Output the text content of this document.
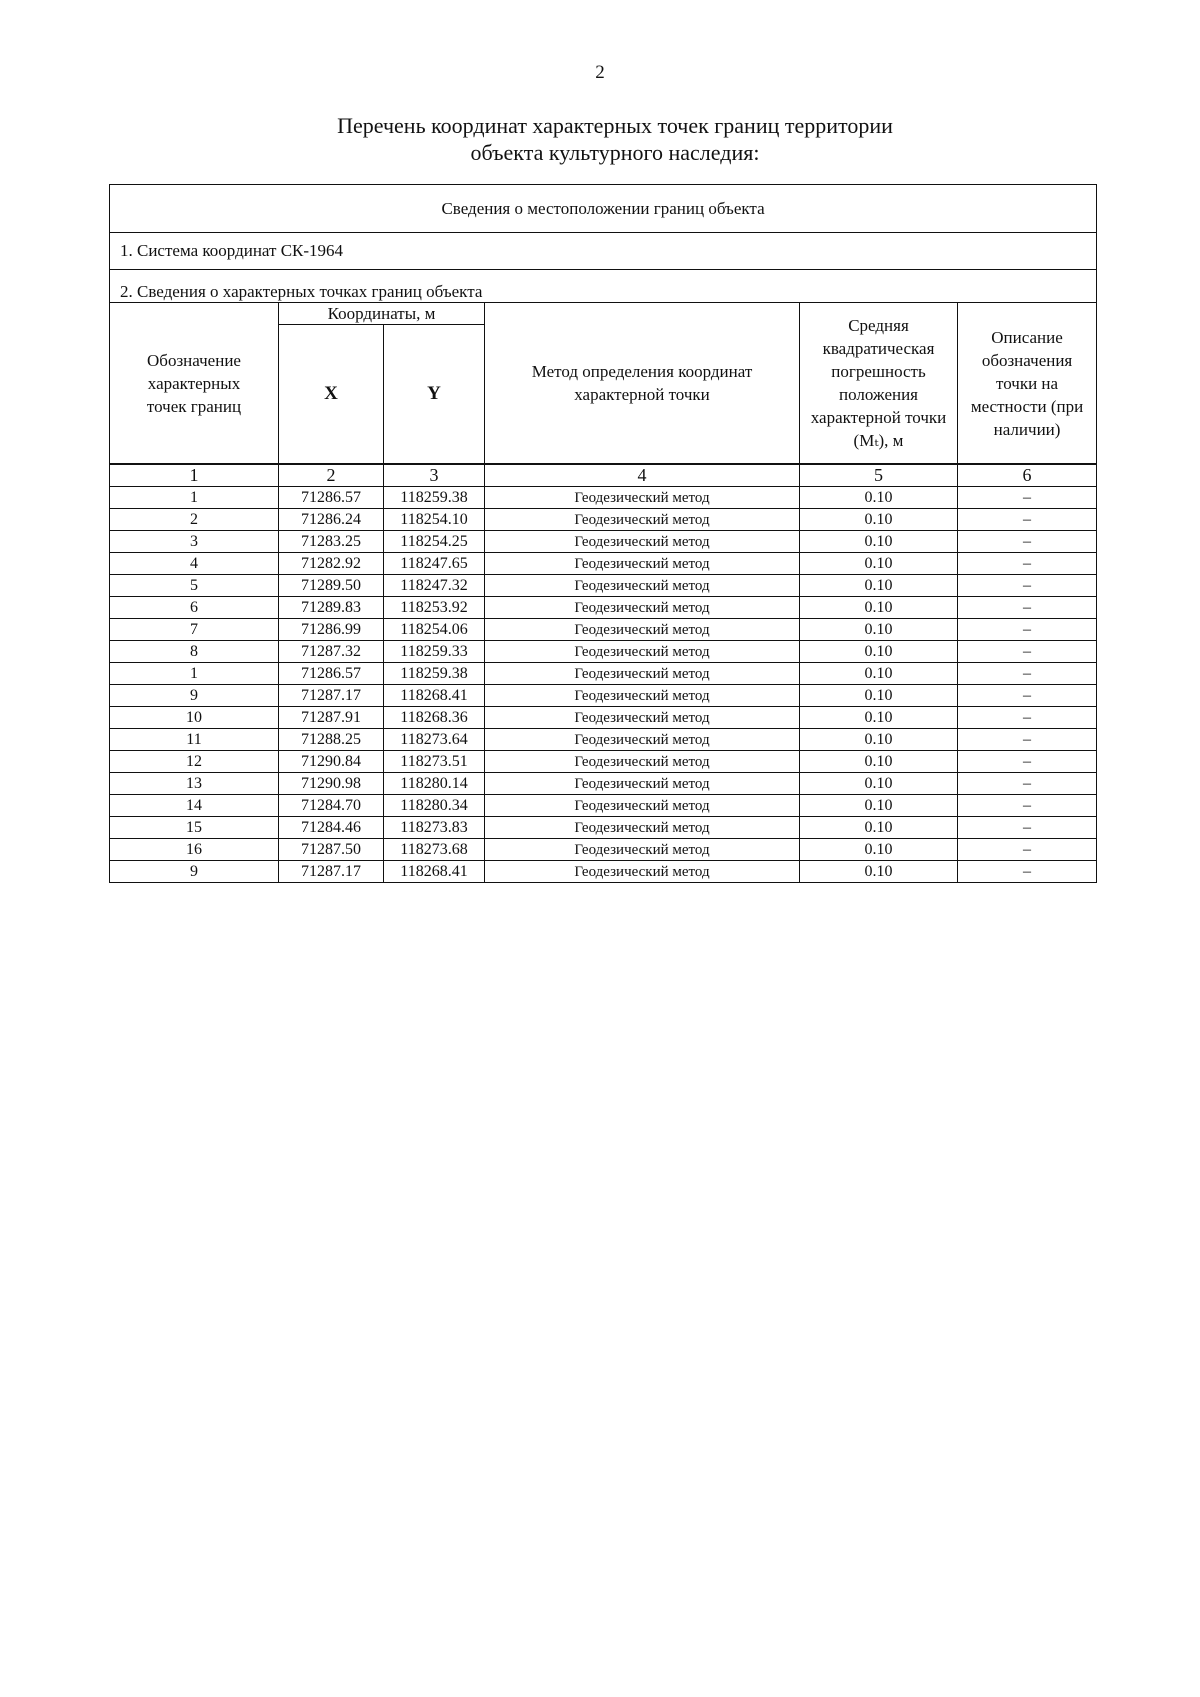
2
Перечень координат характерных точек границ территории
объекта культурного наследия:
Сведения о местоположении границ объекта					
1. Система координат СК-1964					
2. Сведения о характерных точках границ объекта					
Обозначение характерных точек границ	Координаты, м		Метод определения координат характерной точки	Средняя квадратическая погрешность положения характерной точки (Mₜ), м	Описание обозначения точки на местности (при наличии)
	X	Y			
1	2	3	4	5	6
1	71286.57	118259.38	Геодезический метод	0.10	–
2	71286.24	118254.10	Геодезический метод	0.10	–
3	71283.25	118254.25	Геодезический метод	0.10	–
4	71282.92	118247.65	Геодезический метод	0.10	–
5	71289.50	118247.32	Геодезический метод	0.10	–
6	71289.83	118253.92	Геодезический метод	0.10	–
7	71286.99	118254.06	Геодезический метод	0.10	–
8	71287.32	118259.33	Геодезический метод	0.10	–
1	71286.57	118259.38	Геодезический метод	0.10	–
9	71287.17	118268.41	Геодезический метод	0.10	–
10	71287.91	118268.36	Геодезический метод	0.10	–
11	71288.25	118273.64	Геодезический метод	0.10	–
12	71290.84	118273.51	Геодезический метод	0.10	–
13	71290.98	118280.14	Геодезический метод	0.10	–
14	71284.70	118280.34	Геодезический метод	0.10	–
15	71284.46	118273.83	Геодезический метод	0.10	–
16	71287.50	118273.68	Геодезический метод	0.10	–
9	71287.17	118268.41	Геодезический метод	0.10	–
